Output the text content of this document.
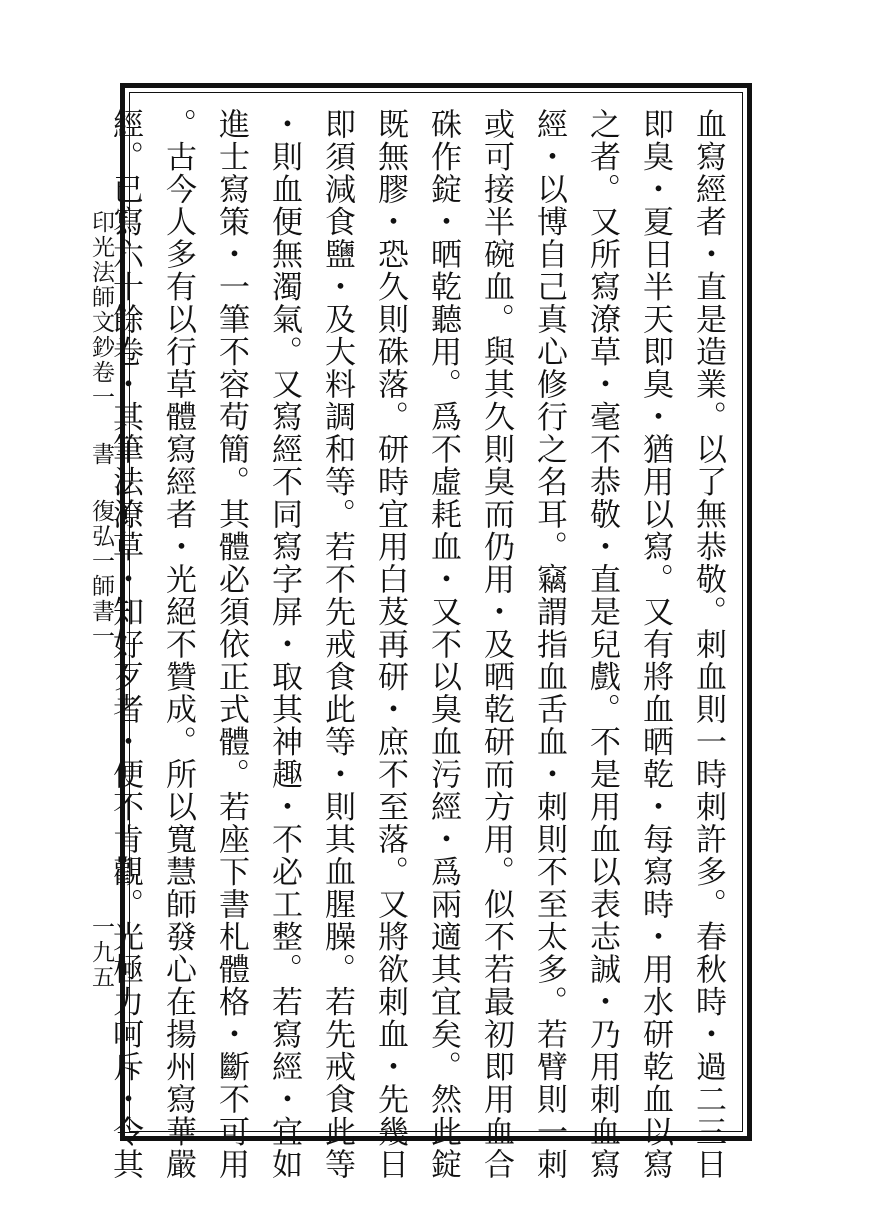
印光法師文鈔卷一書復弘一師書一
一九五	血寫經者・直是造業。以了無恭敬。刺血則一時刺許多。春秋時・過二三日
即臭・夏日半天即臭・猶用以寫。又有將血晒乾・每寫時・用水研乾血以寫
之者。又所寫潦草・毫不恭敬・直是兒戲。不是用血以表志誠・乃用刺血寫
經・以博自己真心修行之名耳。竊謂指血舌血・刺則不至太多。若臂則一刺
或可接半碗血。與其久則臭而仍用・及晒乾研而方用。似不若最初即用血合
硃作錠・晒乾聽用。爲不虛耗血・又不以臭血污經・爲兩適其宜矣。然此錠
既無膠・恐久則硃落。研時宜用白芨再研・庶不至落。又將欲刺血・先幾日
即須減食鹽・及大料調和等。若不先戒食此等・則其血腥臊。若先戒食此等
・則血便無濁氣。又寫經不同寫字屏・取其神趣・不必工整。若寫經・宜如
進士寫策・一筆不容苟簡。其體必須依正式體。若座下書札體格・斷不可用
。古今人多有以行草體寫經者・光絕不贊成。所以寬慧師發心在揚州寫華嚴
經。已寫六十餘卷・其筆法潦草・知好歹者・便不肯觀。光極力呵斥・令其
